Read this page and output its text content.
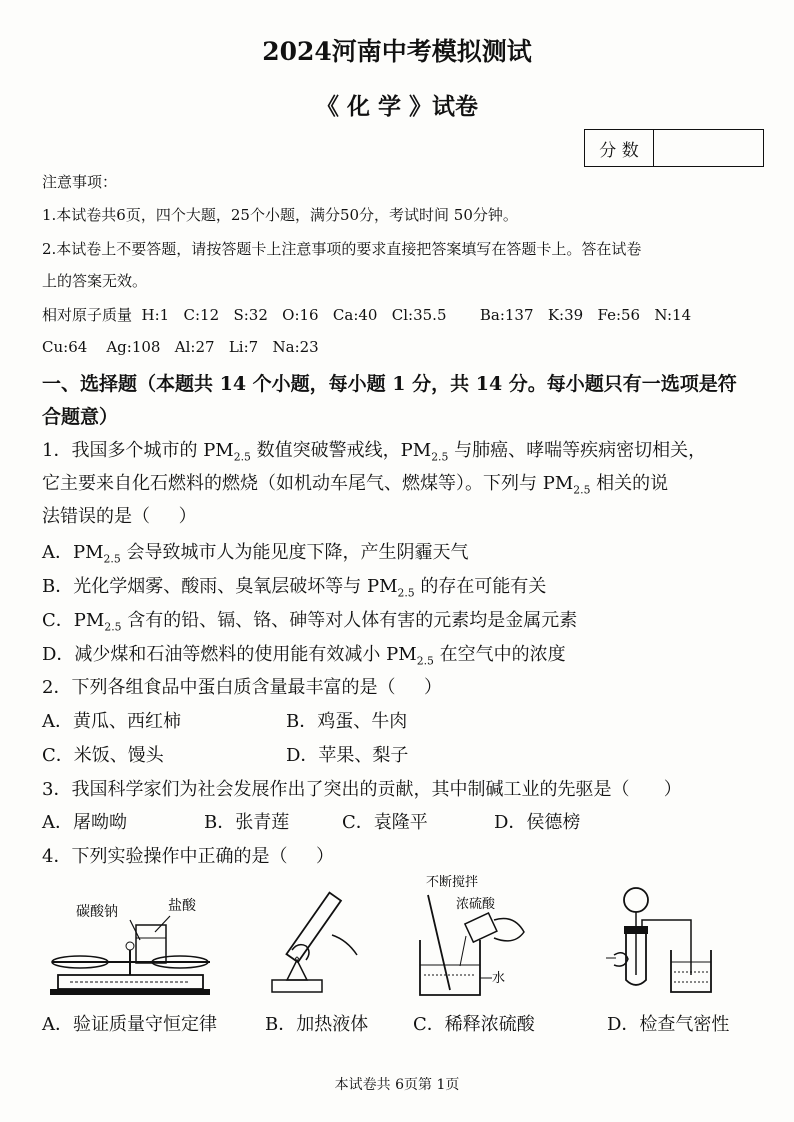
2024河南中考模拟测试
《 化 学 》试卷
分 数
注意事项：
1.本试卷共6页，四个大题，25个小题，满分50分，考试时间 50分钟。
2.本试卷上不要答题，请按答题卡上注意事项的要求直接把答案填写在答题卡上。答在试卷
上的答案无效。
相对原子质量  H:1   C:12   S:32   O:16   Ca:40   Cl:35.5       Ba:137   K:39   Fe:56   N:14
Cu:64    Ag:108   Al:27   Li:7   Na:23
一、选择题（本题共 14 个小题，每小题 1 分，共 14 分。每小题只有一选项是符
合题意）
1．我国多个城市的 $PM_{2.5}$ 数值突破警戒线，$PM_{2.5}$ 与肺癌、哮喘等疾病密切相关，
它主要来自化石燃料的燃烧（如机动车尾气、燃煤等）。下列与 $PM_{2.5}$ 相关的说
法错误的是（     ）
A．$PM_{2.5}$ 会导致城市人为能见度下降，产生阴霾天气
B．光化学烟雾、酸雨、臭氧层破坏等与 $PM_{2.5}$ 的存在可能有关
C．$PM_{2.5}$ 含有的铅、镉、铬、砷等对人体有害的元素均是金属元素
D．减少煤和石油等燃料的使用能有效减小 $PM_{2.5}$ 在空气中的浓度
2．下列各组食品中蛋白质含量最丰富的是（     ）
A．黄瓜、西红柿	B．鸡蛋、牛肉
C．米饭、馒头	D．苹果、梨子
3．我国科学家们为社会发展作出了突出的贡献，其中制碱工业的先驱是（      ）
A．屠呦呦	B．张青莲	C．袁隆平	D．侯德榜
4．下列实验操作中正确的是（     ）
碳酸钠	盐酸
不断搅拌
浓硫酸
水
A．验证质量守恒定律	B．加热液体 C．稀释浓硫酸	D．检查气密性
本试卷共 6页第 1页
